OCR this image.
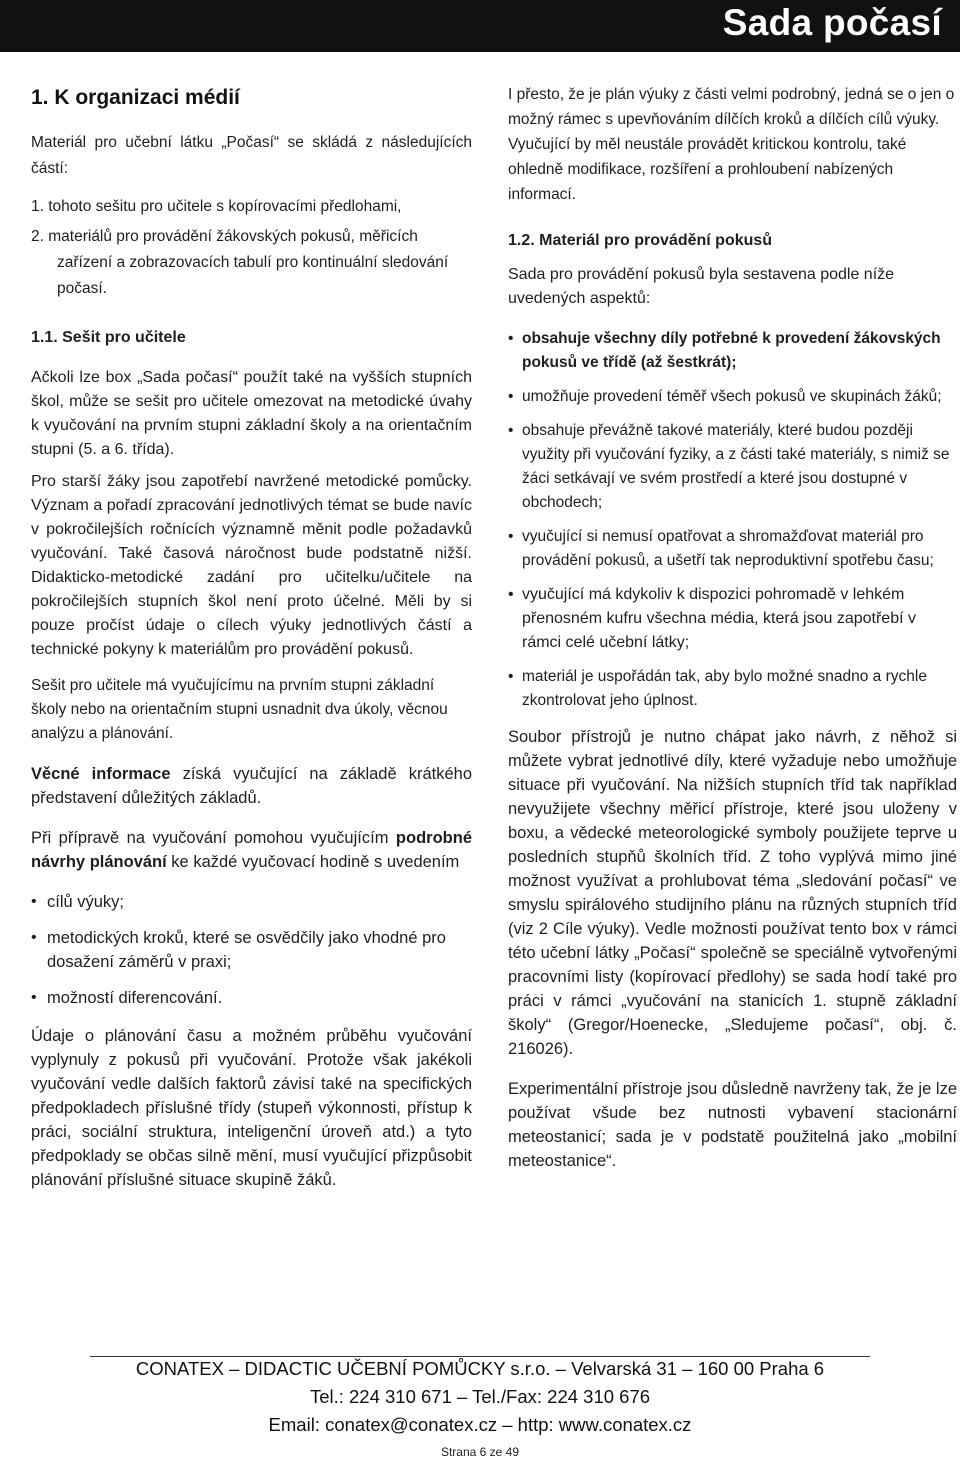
Sada počasí
1. K organizaci médií

Materiál pro učební látku „Počasí“ se skládá z následujících částí:

1. tohoto sešitu pro učitele s kopírovacími předlohami,
2. materiálů pro provádění žákovských pokusů, měřicích zařízení a zobrazovacích tabulí pro kontinuální sledování počasí.

1.1. Sešit pro učitele

Ačkoli lze box „Sada počasí“ použít také na vyšších stupních škol, může se sešit pro učitele omezovat na metodické úvahy k vyučování na prvním stupni základní školy a na orientačním stupni (5. a 6. třída).

Pro starší žáky jsou zapotřebí navržené metodické pomůcky. Význam a pořadí zpracování jednotlivých témat se bude navíc v pokročilejších ročnících významně měnit podle požadavků vyučování. Také časová náročnost bude podstatně nižší. Didakticko-metodické zadání pro učitelku/učitele na pokročilejších stupních škol není proto účelné. Měli by si pouze pročíst údaje o cílech výuky jednotlivých částí a technické pokyny k materiálům pro provádění pokusů.

Sešit pro učitele má vyučujícímu na prvním stupni základní školy nebo na orientačním stupni usnadnit dva úkoly, věcnou analýzu a plánování.

Věcné informace získá vyučující na základě krátkého představení důležitých základů.

Při přípravě na vyučování pomohou vyučujícím podrobné návrhy plánování ke každé vyučovací hodině s uvedením

• cílů výuky;
• metodických kroků, které se osvědčily jako vhodné pro dosažení záměrů v praxi;
• možností diferencování.

Údaje o plánování času a možném průběhu vyučování vyplynuly z pokusů při vyučování. Protože však jakékoli vyučování vedle dalších faktorů závisí také na specifických předpokladech příslušné třídy (stupeň výkonnosti, přístup k práci, sociální struktura, inteligenční úroveň atd.) a tyto předpoklady se občas silně mění, musí vyučující přizpůsobit plánování příslušné situace skupině žáků.

I přesto, že je plán výuky z části velmi podrobný, jedná se o jen o možný rámec s upevňováním dílčích kroků a dílčích cílů výuky. Vyučující by měl neustále provádět kritickou kontrolu, také ohledně modifikace, rozšíření a prohloubení nabízených informací.

1.2. Materiál pro provádění pokusů

Sada pro provádění pokusů byla sestavena podle níže uvedených aspektů:

• obsahuje všechny díly potřebné k provedení žákovských pokusů ve třídě (až šestkrát);
• umožňuje provedení téměř všech pokusů ve skupinách žáků;
• obsahuje převážně takové materiály, které budou později využity při vyučování fyziky, a z části také materiály, s nimiž se žáci setkávají ve svém prostředí a které jsou dostupné v obchodech;
• vyučující si nemusí opatřovat a shromažďovat materiál pro provádění pokusů, a ušetří tak neproduktivní spotřebu času;
• vyučující má kdykoliv k dispozici pohromadě v lehkém přenosném kufru všechna média, která jsou zapotřebí v rámci celé učební látky;
• materiál je uspořádán tak, aby bylo možné snadno a rychle zkontrolovat jeho úplnost.

Soubor přístrojů je nutno chápat jako návrh, z něhož si můžete vybrat jednotlivé díly, které vyžaduje nebo umožňuje situace při vyučování. Na nižších stupních tříd tak například nevyužijete všechny měřicí přístroje, které jsou uloženy v boxu, a vědecké meteorologické symboly použijete teprve u posledních stupňů školních tříd. Z toho vyplývá mimo jiné možnost využívat a prohlubovat téma „sledování počasí“ ve smyslu spirálového studijního plánu na různých stupních tříd (viz 2 Cíle výuky). Vedle možnosti používat tento box v rámci této učební látky „Počasí“ společně se speciálně vytvořenými pracovními listy (kopírovací předlohy) se sada hodí také pro práci v rámci „vyučování na stanicích 1. stupně základní školy“ (Gregor/Hoenecke, „Sledujeme počasí“, obj. č. 216026).

Experimentální přístroje jsou důsledně navrženy tak, že je lze používat všude bez nutnosti vybavení stacionární meteostanicí; sada je v podstatě použitelná jako „mobilní meteostanice“.

CONATEX – DIDACTIC UČEBNÍ POMŮCKY s.r.o. – Velvarská 31 – 160 00 Praha 6
Tel.: 224 310 671 – Tel./Fax: 224 310 676
Email: conatex@conatex.cz – http: www.conatex.cz
Strana 6 ze 49
